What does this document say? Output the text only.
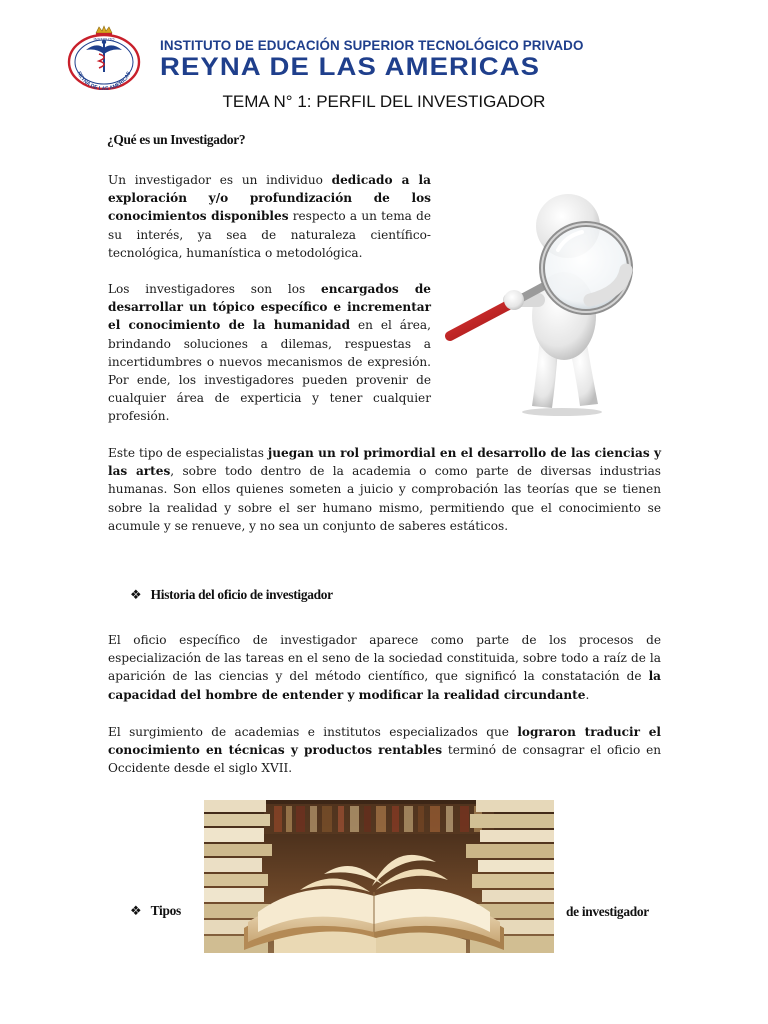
INSTITUTO
REYNA DE LAS AMERICAS
INSTITUTO DE EDUCACIÓN SUPERIOR TECNOLÓGICO PRIVADO
REYNA DE LAS AMERICAS
TEMA N° 1: PERFIL DEL INVESTIGADOR
¿Qué es un Investigador?
Un investigador es un individuo dedicado a la exploración y/o profundización de los conocimientos disponibles respecto a un tema de su interés, ya sea de naturaleza científico-tecnológica, humanística o metodológica.
Los investigadores son los encargados de desarrollar un tópico específico e incrementar el conocimiento de la humanidad en el área, brindando soluciones a dilemas, respuestas a incertidumbres o nuevos mecanismos de expresión. Por ende, los investigadores pueden provenir de cualquier área de experticia y tener cualquier profesión.
Este tipo de especialistas juegan un rol primordial en el desarrollo de las ciencias y las artes, sobre todo dentro de la academia o como parte de diversas industrias humanas. Son ellos quienes someten a juicio y comprobación las teorías que se tienen sobre la realidad y sobre el ser humano mismo, permitiendo que el conocimiento se acumule y se renueve, y no sea un conjunto de saberes estáticos.
❖ Historia del oficio de investigador
El oficio específico de investigador aparece como parte de los procesos de especialización de las tareas en el seno de la sociedad constituida, sobre todo a raíz de la aparición de las ciencias y del método científico, que significó la constatación de la capacidad del hombre de entender y modificar la realidad circundante.
El surgimiento de academias e institutos especializados que lograron traducir el conocimiento en técnicas y productos rentables terminó de consagrar el oficio en Occidente desde el siglo XVII.
❖ Tipos	de investigador
